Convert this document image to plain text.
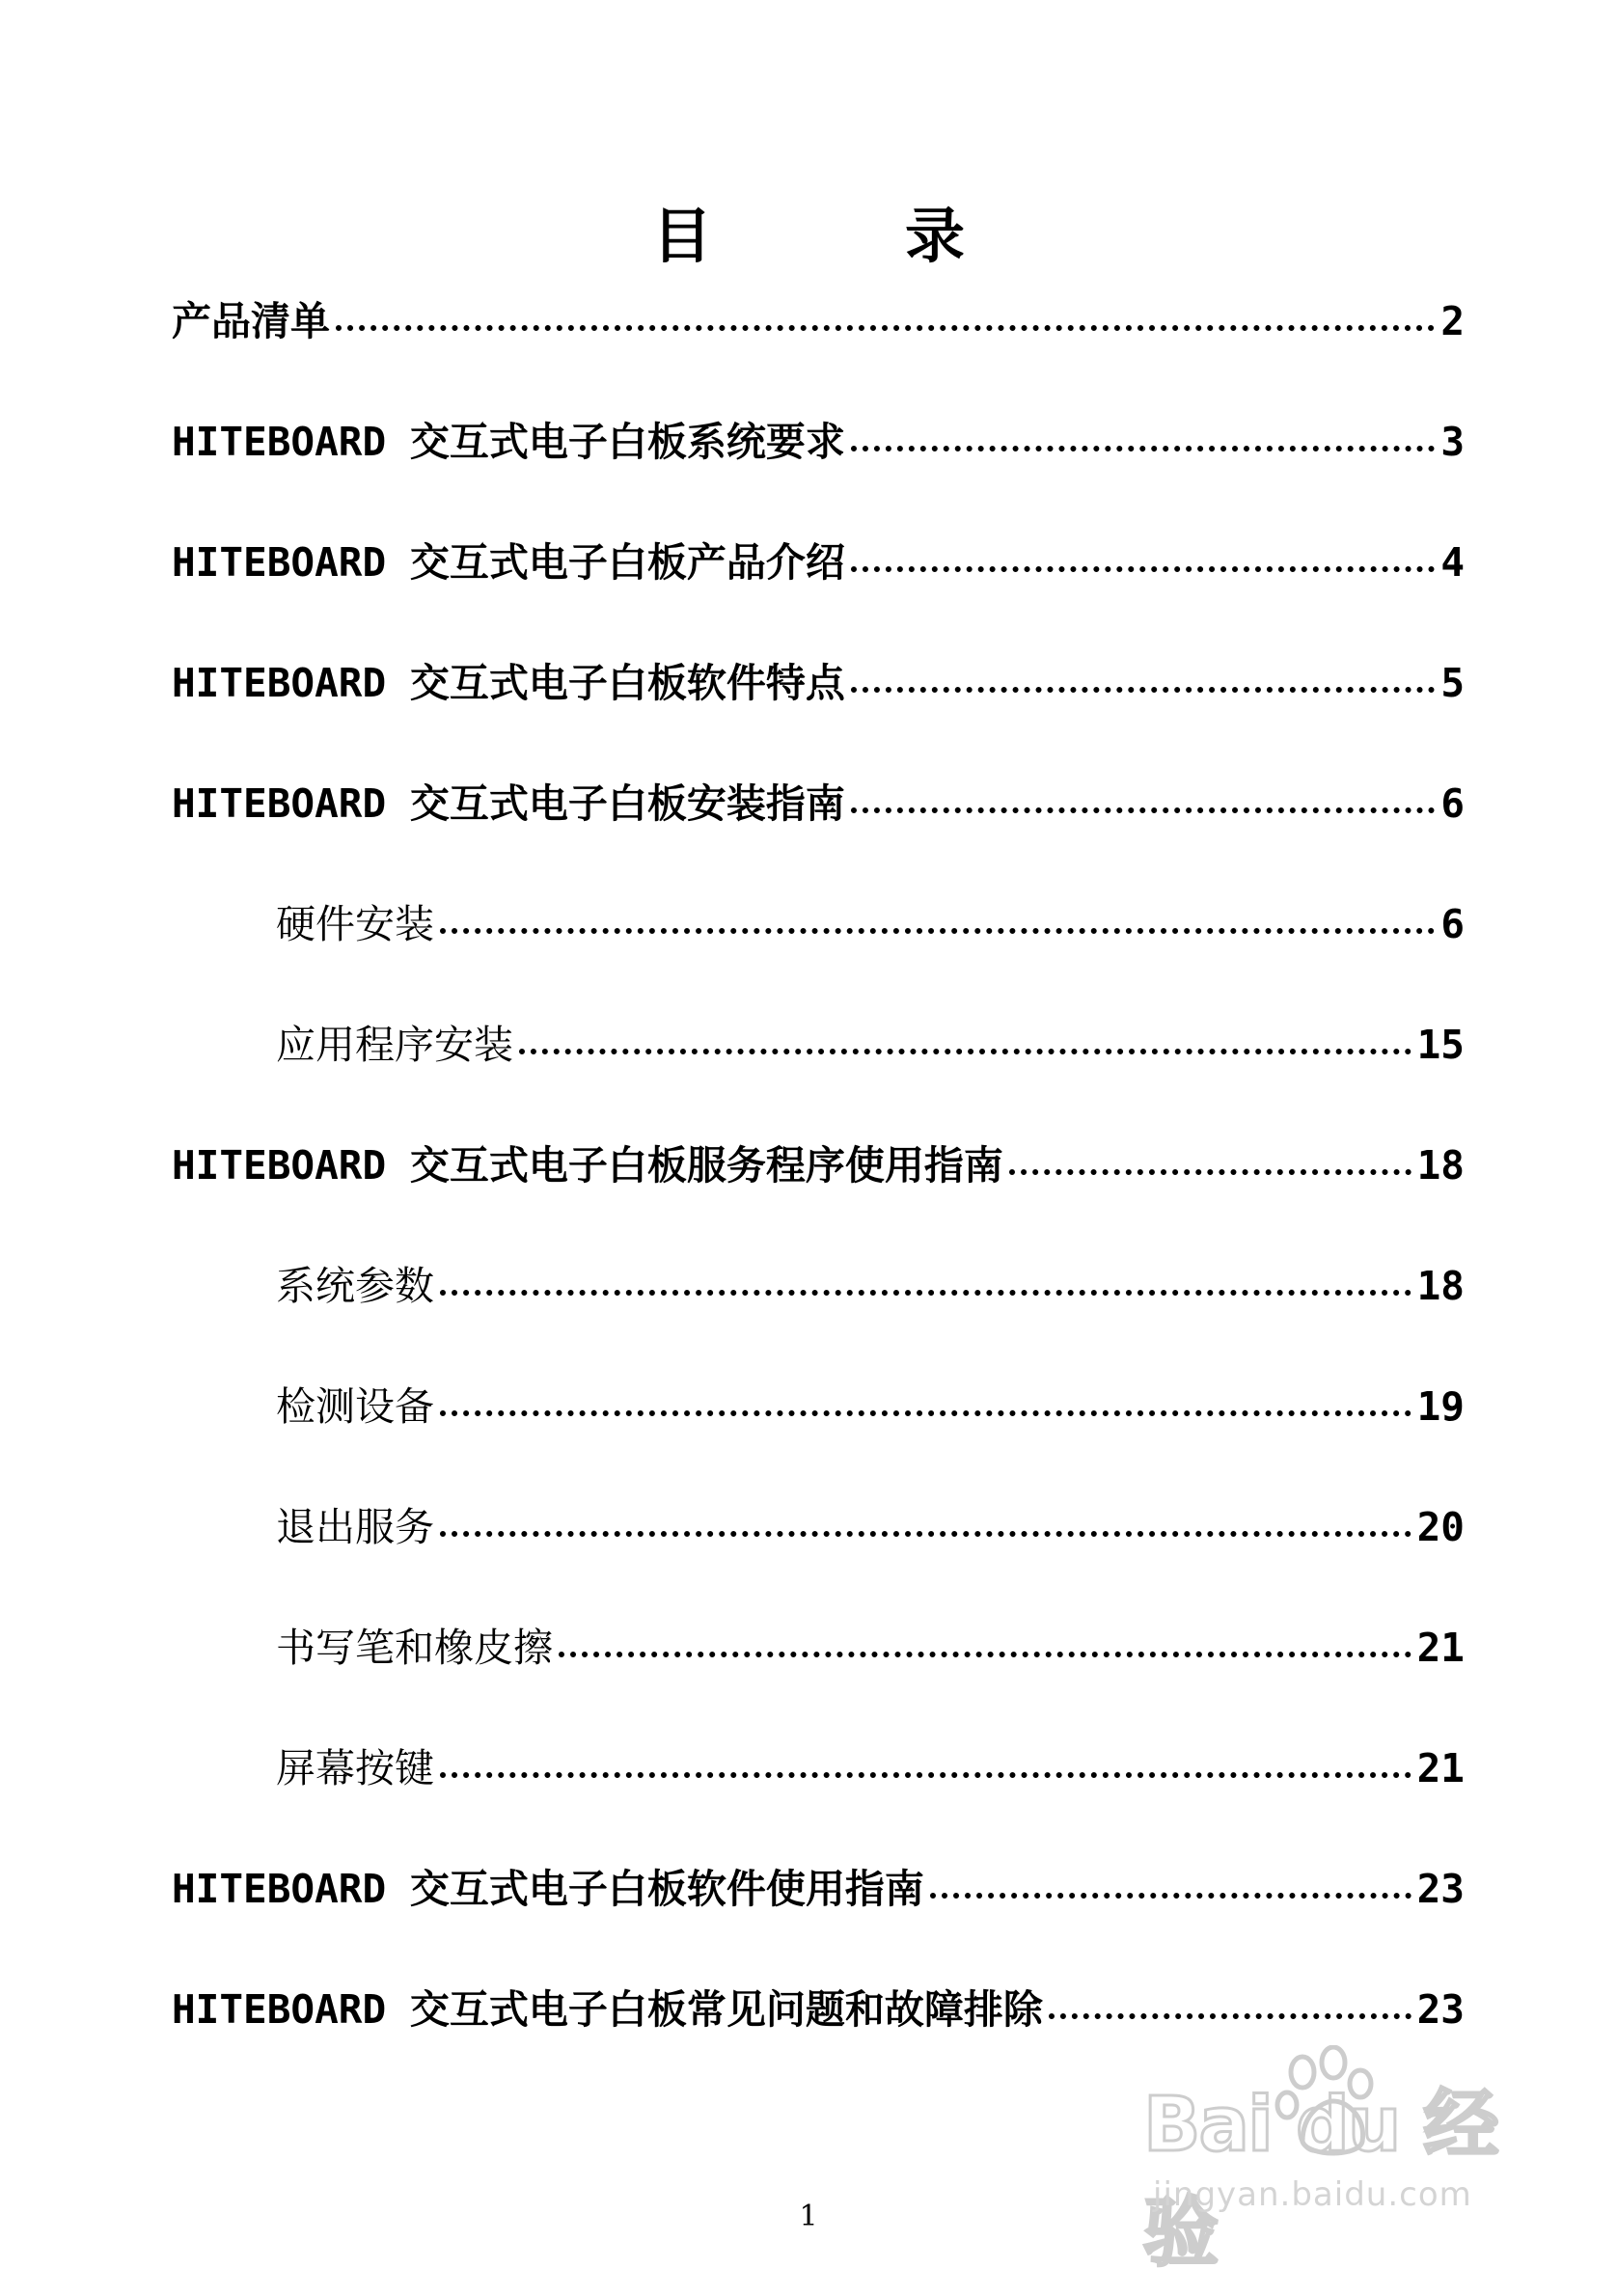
目录
产品清单	2
HITEBOARD 交互式电子白板系统要求	3
HITEBOARD 交互式电子白板产品介绍	4
HITEBOARD 交互式电子白板软件特点	5
HITEBOARD 交互式电子白板安装指南	6
硬件安装	6
应用程序安装	15
HITEBOARD 交互式电子白板服务程序使用指南	18
系统参数	18
检测设备	19
退出服务	20
书写笔和橡皮擦	21
屏幕按键	21
HITEBOARD 交互式电子白板软件使用指南	23
HITEBOARD 交互式电子白板常见问题和故障排除	23
Bai du 经验
jingyan.baidu.com
1
